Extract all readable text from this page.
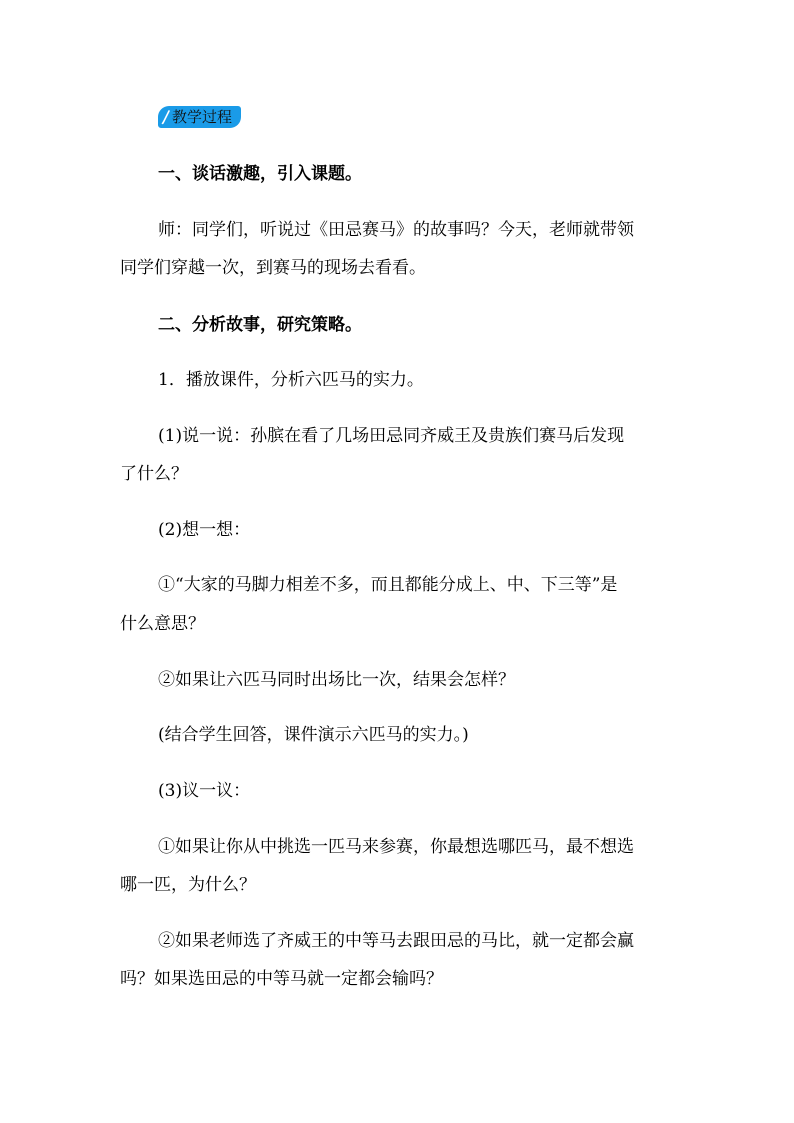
教学过程

一、谈话激趣，引入课题。

师：同学们，听说过《田忌赛马》的故事吗？今天，老师就带领

同学们穿越一次，到赛马的现场去看看。

二、分析故事，研究策略。

1．播放课件，分析六匹马的实力。

(1)说一说：孙膑在看了几场田忌同齐威王及贵族们赛马后发现

了什么？

(2)想一想：

①“大家的马脚力相差不多，而且都能分成上、中、下三等”是

什么意思？

②如果让六匹马同时出场比一次，结果会怎样？

(结合学生回答，课件演示六匹马的实力。)

(3)议一议：

①如果让你从中挑选一匹马来参赛，你最想选哪匹马，最不想选

哪一匹，为什么？

②如果老师选了齐威王的中等马去跟田忌的马比，就一定都会赢

吗？如果选田忌的中等马就一定都会输吗？
